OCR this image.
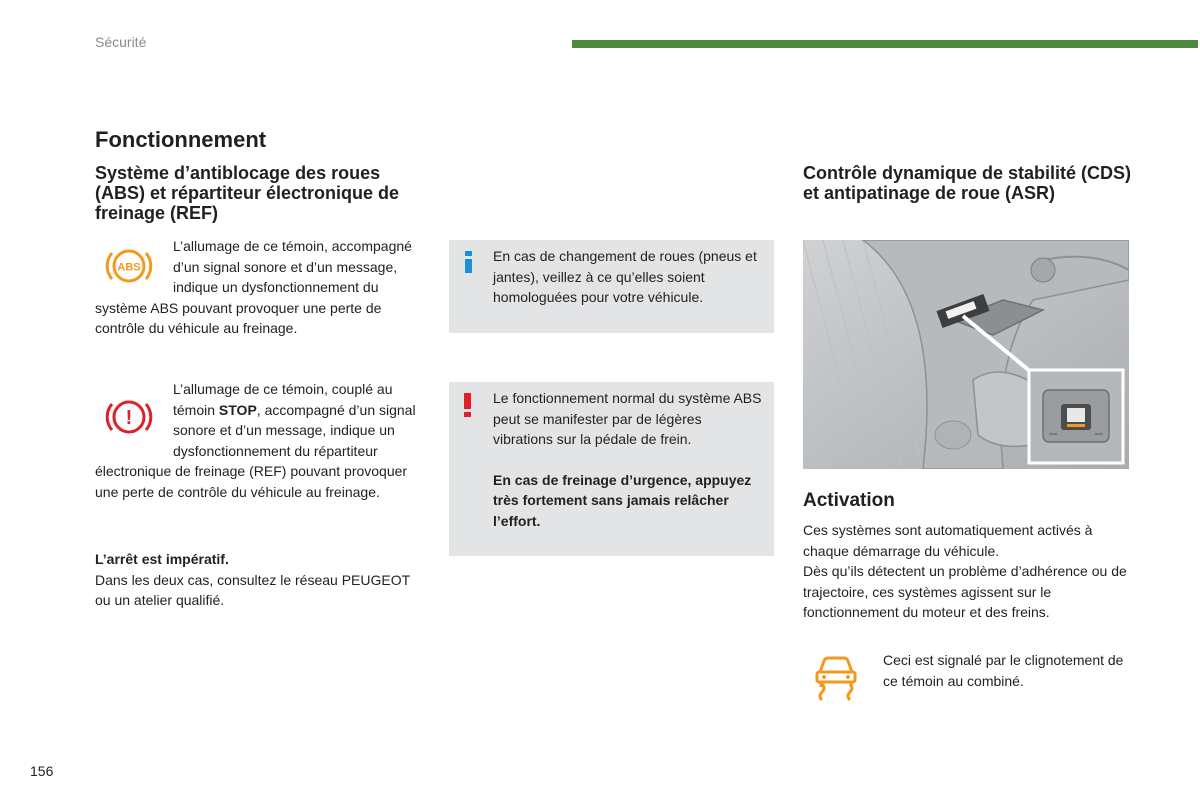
Sécurité
Fonctionnement
Système d’antiblocage des roues (ABS) et répartiteur électronique de freinage (REF)
ABS
L’allumage de ce témoin, accompagné d’un signal sonore et d’un message, indique un dysfonctionnement du système ABS pouvant provoquer une perte de contrôle du véhicule au freinage.
!
L’allumage de ce témoin, couplé au témoin STOP, accompagné d’un signal sonore et d’un message, indique un dysfonctionnement du répartiteur électronique de freinage (REF) pouvant provoquer une perte de contrôle du véhicule au freinage.

L’arrêt est impératif.

Dans les deux cas, consultez le réseau PEUGEOT ou un atelier qualifié.

En cas de changement de roues (pneus et jantes), veillez à ce qu’elles soient homologuées pour votre véhicule.

Le fonctionnement normal du système ABS peut se manifester par de légères vibrations sur la pédale de frein.

En cas de freinage d’urgence, appuyez très fortement sans jamais relâcher l’effort.

Contrôle dynamique de stabilité (CDS) et antipatinage de roue (ASR)
Activation

Ces systèmes sont automatiquement activés à chaque démarrage du véhicule.

Dès qu’ils détectent un problème d’adhérence ou de trajectoire, ces systèmes agissent sur le fonctionnement du moteur et des freins.

Ceci est signalé par le clignotement de ce témoin au combiné.
156
